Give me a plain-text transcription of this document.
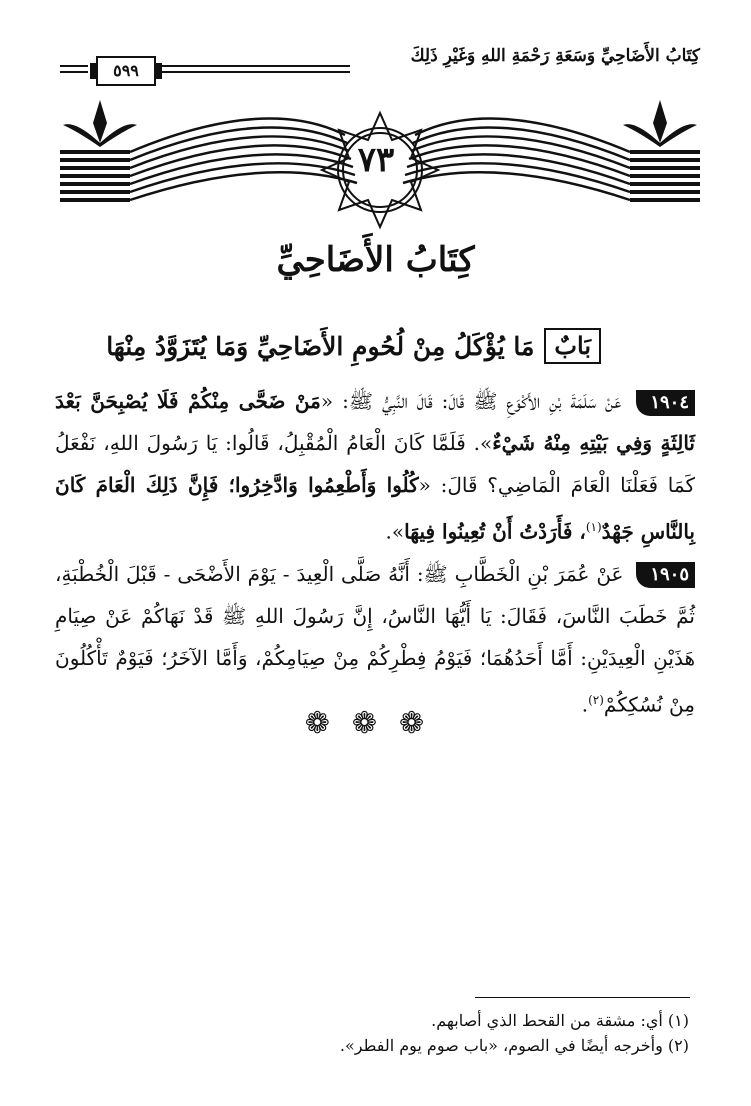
كِتَابُ الأَضَاحِيِّ وَسَعَةِ رَحْمَةِ اللهِ وَغَيْرِ ذَلِكَ
٥٩٩
٧٣
كِتَابُ الأَضَاحِيِّ
بَابٌ
مَا يُؤْكَلُ مِنْ لُحُومِ الأَضَاحِيِّ وَمَا يُتَزَوَّدُ مِنْهَا

١٩٠٤ عَنْ سَلَمَةَ بْنِ الأَكْوَعِ ﷺ قَالَ: قَالَ النَّبِيُّ ﷺ: «مَنْ ضَحَّى مِنْكُمْ فَلَا يُصْبِحَنَّ بَعْدَ ثَالِثَةٍ وَفِي بَيْتِهِ مِنْهُ شَيْءٌ». فَلَمَّا كَانَ الْعَامُ الْمُقْبِلُ، قَالُوا: يَا رَسُولَ اللهِ، نَفْعَلُ كَمَا فَعَلْنَا الْعَامَ الْمَاضِي؟ قَالَ: «كُلُوا وَأَطْعِمُوا وَادَّخِرُوا؛ فَإِنَّ ذَلِكَ الْعَامَ كَانَ بِالنَّاسِ جَهْدٌ$^{(١)}$، فَأَرَدْتُ أَنْ تُعِينُوا فِيهَا».

١٩٠٥ عَنْ عُمَرَ بْنِ الْخَطَّابِ ﷺ: أَنَّهُ صَلَّى الْعِيدَ - يَوْمَ الأَضْحَى - قَبْلَ الْخُطْبَةِ، ثُمَّ خَطَبَ النَّاسَ، فَقَالَ: يَا أَيُّهَا النَّاسُ، إِنَّ رَسُولَ اللهِ ﷺ قَدْ نَهَاكُمْ عَنْ صِيَامِ هَذَيْنِ الْعِيدَيْنِ: أَمَّا أَحَدُهُمَا؛ فَيَوْمُ فِطْرِكُمْ مِنْ صِيَامِكُمْ، وَأَمَّا الآخَرُ؛ فَيَوْمٌ تَأْكُلُونَ مِنْ نُسُكِكُمْ$^{(٢)}$.

❁❁❁

(١) أي: مشقة من القحط الذي أصابهم.

(٢) وأخرجه أيضًا في الصوم، «باب صوم يوم الفطر».
